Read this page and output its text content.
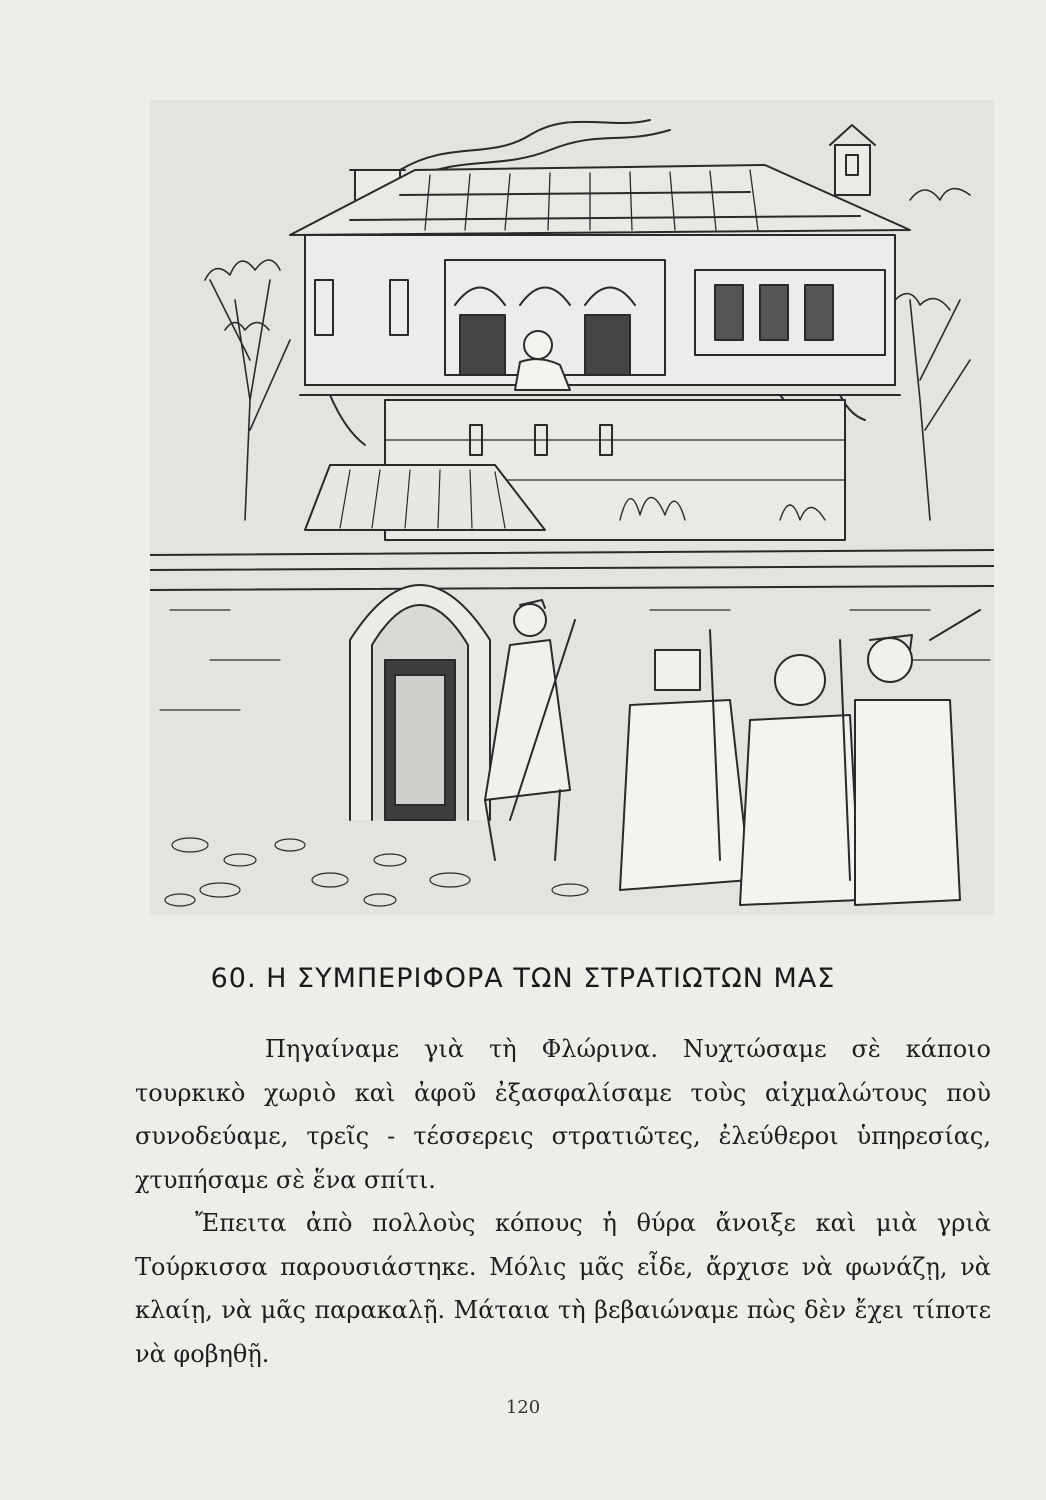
60. Η ΣΥΜΠΕΡΙΦΟΡΑ ΤΩΝ ΣΤΡΑΤΙΩΤΩΝ ΜΑΣ

Πηγαίναμε γιὰ τὴ Φλώρινα. Νυχτώσαμε σὲ κάποιο τουρκικὸ χωριὸ καὶ ἀφοῦ ἐξασφαλίσαμε τοὺς αἰχμαλώτους ποὺ συνοδεύαμε, τρεῖς - τέσσερεις στρατιῶτες, ἐλεύθεροι ὑπηρεσίας, χτυπήσαμε σὲ ἕνα σπίτι.

Ἔπειτα ἀπὸ πολλοὺς κόπους ἡ θύρα ἄνοιξε καὶ μιὰ γριὰ Τούρκισσα παρουσιάστηκε. Μόλις μᾶς εἶδε, ἄρχισε νὰ φωνάζῃ, νὰ κλαίῃ, νὰ μᾶς παρακαλῇ. Μάταια τὴ βεβαιώναμε πὼς δὲν ἔχει τίποτε νὰ φοβηθῇ.

120
